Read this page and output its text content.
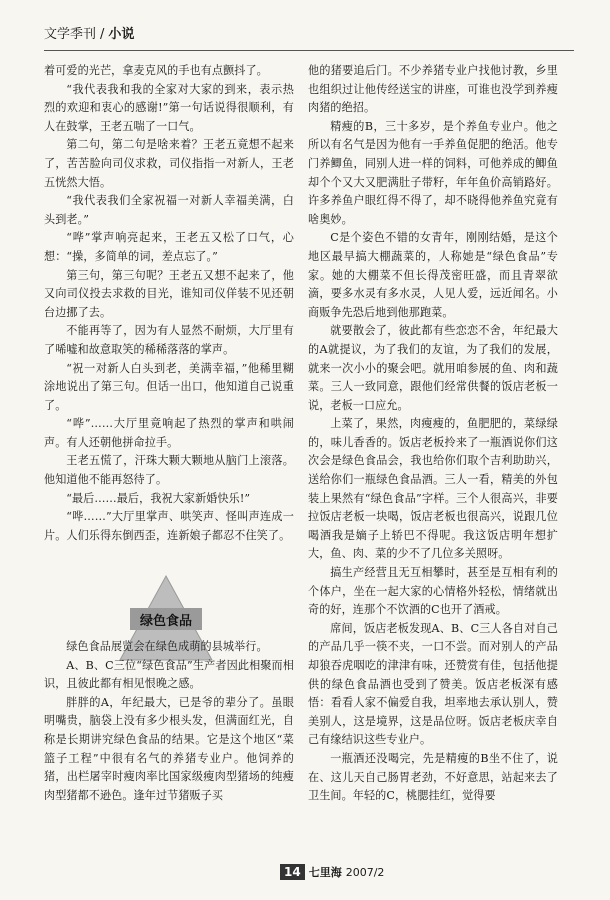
文学季刊 / 小说

着可爱的光芒，拿麦克风的手也有点颤抖了。

“我代表我和我的全家对大家的到来，表示热烈的欢迎和衷心的感谢!”第一句话说得很顺利，有人在鼓掌，王老五喘了一口气。

第二句，第二句是啥来着？王老五竟想不起来了，苦苦脸向司仪求救，司仪指指一对新人，王老五恍然大悟。

“我代表我们全家祝福一对新人幸福美满，白头到老。”

“哗”掌声响亮起来，王老五又松了口气，心想：“操，多简单的词，差点忘了。”

第三句，第三句呢？王老五又想不起来了，他又向司仪投去求救的目光，谁知司仪佯装不见还朝台边挪了去。

不能再等了，因为有人显然不耐烦，大厅里有了唏嘘和故意取笑的稀稀落落的掌声。

“祝一对新人白头到老，美满幸福，”他稀里糊涂地说出了第三句。但话一出口，他知道自己说重了。

“哗”……大厅里竟响起了热烈的掌声和哄闹声。有人还朝他拼命拉手。

王老五慌了，汗珠大颗大颗地从脑门上滚落。他知道他不能再怒待了。

“最后……最后，我祝大家新婚快乐!”

“哗……”大厅里掌声、哄笑声、怪叫声连成一片。人们乐得东倒西歪，连新娘子都忍不住笑了。

绿色食品

绿色食品展览会在绿色成萌的县城举行。

A、B、C三位“绿色食品”生产者因此相聚而相识，且彼此都有相见恨晚之感。

胖胖的A，年纪最大，已是爷的辈分了。虽眼明嘴贵，脑袋上没有多少根头发，但满面红光，自称是长期讲究绿色食品的结果。它是这个地区“菜篮子工程”中很有名气的养猪专业户。他饲养的猪，出栏屠宰时瘦肉率比国家级瘦肉型猪场的纯瘦肉型猪都不逊色。逢年过节猪贩子买

他的猪要追后门。不少养猪专业户找他讨教，乡里也组织过让他传经送宝的讲座，可谁也没学到养瘦肉猪的绝招。

精瘦的B，三十多岁，是个养鱼专业户。他之所以有名气是因为他有一手养鱼促肥的绝活。他专门养鲫鱼，同别人进一样的饲料，可他养成的鲫鱼却个个又大又肥满肚子带籽，年年鱼价高销路好。许多养鱼户眼红得不得了，却不晓得他养鱼究竟有啥奥妙。

C是个姿色不错的女青年，刚刚结婚，是这个地区最早搞大棚蔬菜的，人称她是“绿色食品”专家。她的大棚菜不但长得茂密旺盛，而且青翠欲滴，要多水灵有多水灵，人见人爱，远近闻名。小商贩争先恐后地到他那跑菜。

就要散会了，彼此都有些恋恋不舍，年纪最大的A就提议，为了我们的友谊，为了我们的发展，就来一次小小的聚会吧。就用咱参展的鱼、肉和蔬菜。三人一致同意，跟他们经常供餐的饭店老板一说，老板一口应允。

上菜了，果然，肉瘦瘦的，鱼肥肥的，菜绿绿的，味儿香香的。饭店老板拎来了一瓶酒说你们这次会是绿色食品会，我也给你们取个吉利助助兴，送给你们一瓶绿色食品酒。三人一看，精美的外包装上果然有“绿色食品”字样。三个人很高兴，非要拉饭店老板一块喝，饭店老板也很高兴，说跟几位喝酒我是嫡子上轿巴不得呢。我这饭店明年想扩大，鱼、肉、菜的少不了几位多关照呀。

搞生产经营且无互相攀时，甚至是互相有利的个体户，坐在一起大家的心情格外轻松，情绪就出奇的好，连那个不饮酒的C也开了酒戒。

席间，饭店老板发现A、B、C三人各自对自己的产品几乎一筷不夹，一口不尝。而对别人的产品却狼吞虎咽吃的津津有味，还赞赏有佳，包括他提供的绿色食品酒也受到了赞美。饭店老板深有感悟：看看人家不偏爱自我，坦率地去承认别人，赞美别人，这是境界，这是品位呀。饭店老板庆幸自己有缘结识这些专业户。

一瓶酒还没喝完，先是精瘦的B坐不住了，说在、这儿天自己肠胃老劲，不好意思，站起来去了卫生间。年轻的C，桃腮挂红，觉得要

14 七里海 2007/2
